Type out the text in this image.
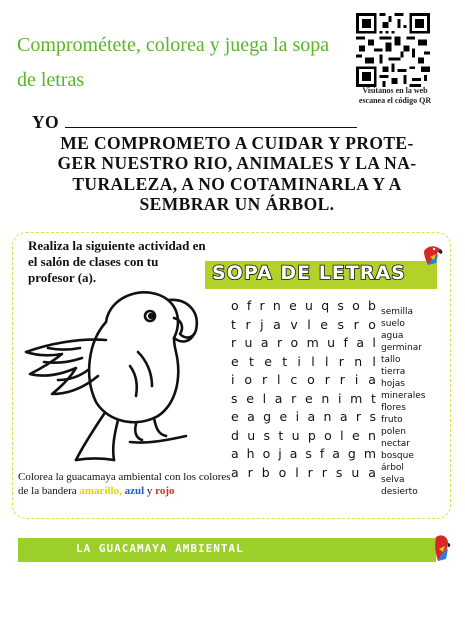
Comprométete, colorea y juega la sopa de letras	Visítanos en la web
escanea el código QR
YO
ME COMPROMETO A CUIDAR Y PROTE-
GER NUESTRO RIO, ANIMALES Y LA NA-
TURALEZA, A NO COTAMINARLA Y A
SEMBRAR UN ÁRBOL.
Realiza la siguiente actividad en el salón de clases con tu profesor (a).
Colorea la guacamaya ambiental con los colores de la bandera amarillo, azul y rojo
SOPA DE LETRAS
o f r n e u q s o b
t r j a v l e s r o
r u a r o m u f a l
e t e t i l l r n l
i o r l c o r r i a
s e l a r e n i m t
e a g e i a n a r s
d u s t u p o l e n
a h o j a s f a g m
a r b o l r r s u a
semilla
suelo
agua
germinar
tallo
tierra
hojas
minerales
flores
fruto
polen
nectar
bosque
árbol
selva
desierto
LA GUACAMAYA AMBIENTAL
